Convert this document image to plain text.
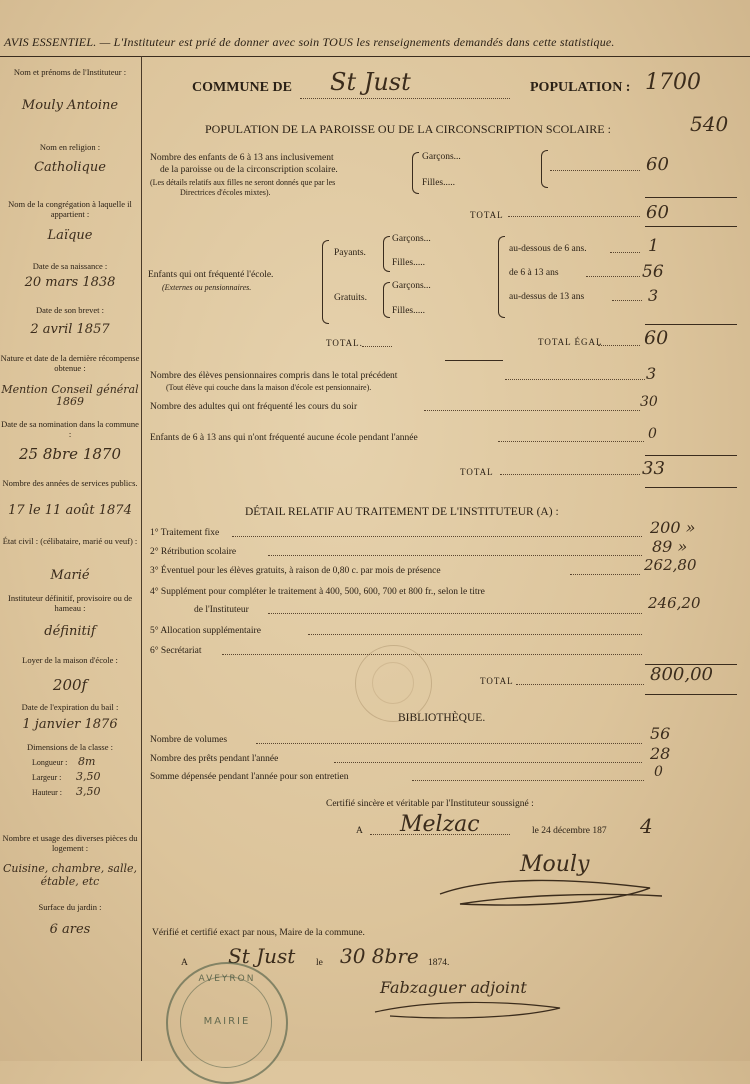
AVIS ESSENTIEL. — L'Instituteur est prié de donner avec soin TOUS les renseignements demandés dans cette statistique.
Nom et prénoms de l'Instituteur :
Mouly Antoine
Nom en religion :
Catholique
Nom de la congrégation à laquelle il appartient :
Laïque
Date de sa naissance :
20 mars 1838
Date de son brevet :
2 avril 1857
Nature et date de la dernière récompense obtenue :
Mention Conseil général 1869
Date de sa nomination dans la commune :
25 8bre 1870
Nombre des années de services publics.
17 le 11 août 1874
État civil : (célibataire, marié ou veuf) :
Marié
Instituteur définitif, provisoire ou de hameau :
définitif
Loyer de la maison d'école :
200f
Date de l'expiration du bail :
1 janvier 1876
Dimensions de la classe :
Longueur : 8m
Largeur : 3,50
Hauteur : 3,50
Nombre et usage des diverses pièces du logement :
Cuisine, chambre, salle, étable, etc
Surface du jardin :
6 ares
COMMUNE DE St Just	POPULATION : 1700
POPULATION DE LA PAROISSE OU DE LA CIRCONSCRIPTION SCOLAIRE :	540
Nombre des enfants de 6 à 13 ans inclusivement
de la paroisse ou de la circonscription scolaire.
(Les détails relatifs aux filles ne seront donnés que par les
Directrices d'écoles mixtes).
Garçons...
Filles.....
60
TOTAL	60
Enfants qui ont fréquenté l'école.
(Externes ou pensionnaires.
Payants.
Garçons...
Filles.....
Gratuits.
Garçons...
Filles.....
au-dessous de 6 ans.	1
de 6 à 13 ans	56
au-dessus de 13 ans	3
TOTAL.	TOTAL ÉGAL 60
Nombre des élèves pensionnaires compris dans le total précédent
(Tout élève qui couche dans la maison d'école est pensionnaire).
3
Nombre des adultes qui ont fréquenté les cours du soir	30
Enfants de 6 à 13 ans qui n'ont fréquenté aucune école pendant l'année	0
TOTAL	33
DÉTAIL RELATIF AU TRAITEMENT DE L'INSTITUTEUR (A) :
1° Traitement fixe	200 »
2° Rétribution scolaire	89 »
3° Éventuel pour les élèves gratuits, à raison de 0,80 c. par mois de présence	262,80
4° Supplément pour compléter le traitement à 400, 500, 600, 700 et 800 fr., selon le titre
de l'Instituteur	246,20
5° Allocation supplémentaire
6° Secrétariat
TOTAL	800,00
BIBLIOTHÈQUE.
Nombre de volumes	56
Nombre des prêts pendant l'année	28
Somme dépensée pendant l'année pour son entretien	0
Certifié sincère et véritable par l'Instituteur soussigné :
A Melzac	le 24 décembre 187 4
Mouly
Vérifié et certifié exact par nous, Maire de la commune.
A St Just le 30 8bre 1874.
Fabzaguer adjoint
AVEYRON
MAIRIE
